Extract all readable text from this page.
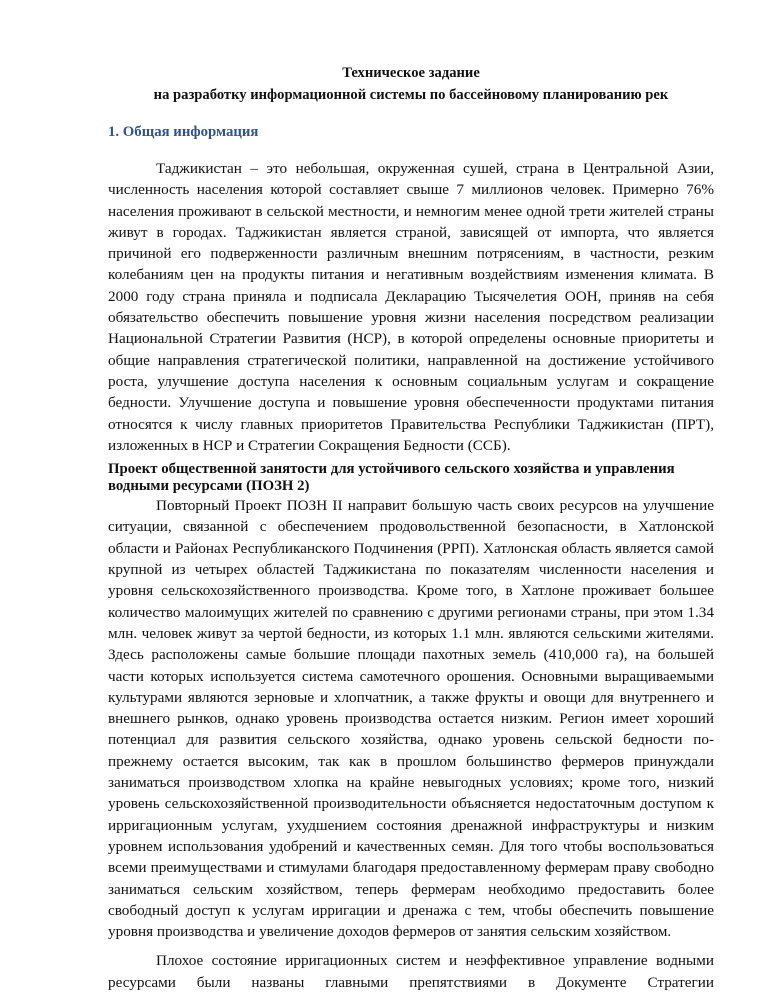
Техническое задание

на разработку информационной системы по бассейновому планированию рек

1. Общая информация

Таджикистан – это небольшая, окруженная сушей, страна в Центральной Азии, численность населения которой составляет свыше 7 миллионов человек. Примерно 76% населения проживают в сельской местности, и немногим менее одной трети жителей страны живут в городах. Таджикистан является страной, зависящей от импорта, что является причиной его подверженности различным внешним потрясениям, в частности, резким колебаниям цен на продукты питания и негативным воздействиям изменения климата. В 2000 году страна приняла и подписала Декларацию Тысячелетия ООН, приняв на себя обязательство обеспечить повышение уровня жизни населения посредством реализации Национальной Стратегии Развития (НСР), в которой определены основные приоритеты и общие направления стратегической политики, направленной на достижение устойчивого роста, улучшение доступа населения к основным социальным услугам и сокращение бедности. Улучшение доступа и повышение уровня обеспеченности продуктами питания относятся к числу главных приоритетов Правительства Республики Таджикистан (ПРТ), изложенных в НСР и Стратегии Сокращения Бедности (ССБ).

Проект общественной занятости для устойчивого сельского хозяйства и управления водными ресурсами (ПОЗН 2)

Повторный Проект ПОЗН II направит большую часть своих ресурсов на улучшение ситуации, связанной с обеспечением продовольственной безопасности, в Хатлонской области и Районах Республиканского Подчинения (РРП). Хатлонская область является самой крупной из четырех областей Таджикистана по показателям численности населения и уровня сельскохозяйственного производства. Кроме того, в Хатлоне проживает большее количество малоимущих жителей по сравнению с другими регионами страны, при этом 1.34 млн. человек живут за чертой бедности, из которых 1.1 млн. являются сельскими жителями. Здесь расположены самые большие площади пахотных земель (410,000 га), на большей части которых используется система самотечного орошения. Основными выращиваемыми культурами являются зерновые и хлопчатник, а также фрукты и овощи для внутреннего и внешнего рынков, однако уровень производства остается низким. Регион имеет хороший потенциал для развития сельского хозяйства, однако уровень сельской бедности по-прежнему остается высоким, так как в прошлом большинство фермеров принуждали заниматься производством хлопка на крайне невыгодных условиях; кроме того, низкий уровень сельскохозяйственной производительности объясняется недостаточным доступом к ирригационным услугам, ухудшением состояния дренажной инфраструктуры и низким уровнем использования удобрений и качественных семян. Для того чтобы воспользоваться всеми преимуществами и стимулами благодаря предоставленному фермерам праву свободно заниматься сельским хозяйством, теперь фермерам необходимо предоставить более свободный доступ к услугам ирригации и дренажа с тем, чтобы обеспечить повышение уровня производства и увеличение доходов фермеров от занятия сельским хозяйством.

Плохое состояние ирригационных систем и неэффективное управление водными ресурсами были названы главными препятствиями в Документе Стратегии
